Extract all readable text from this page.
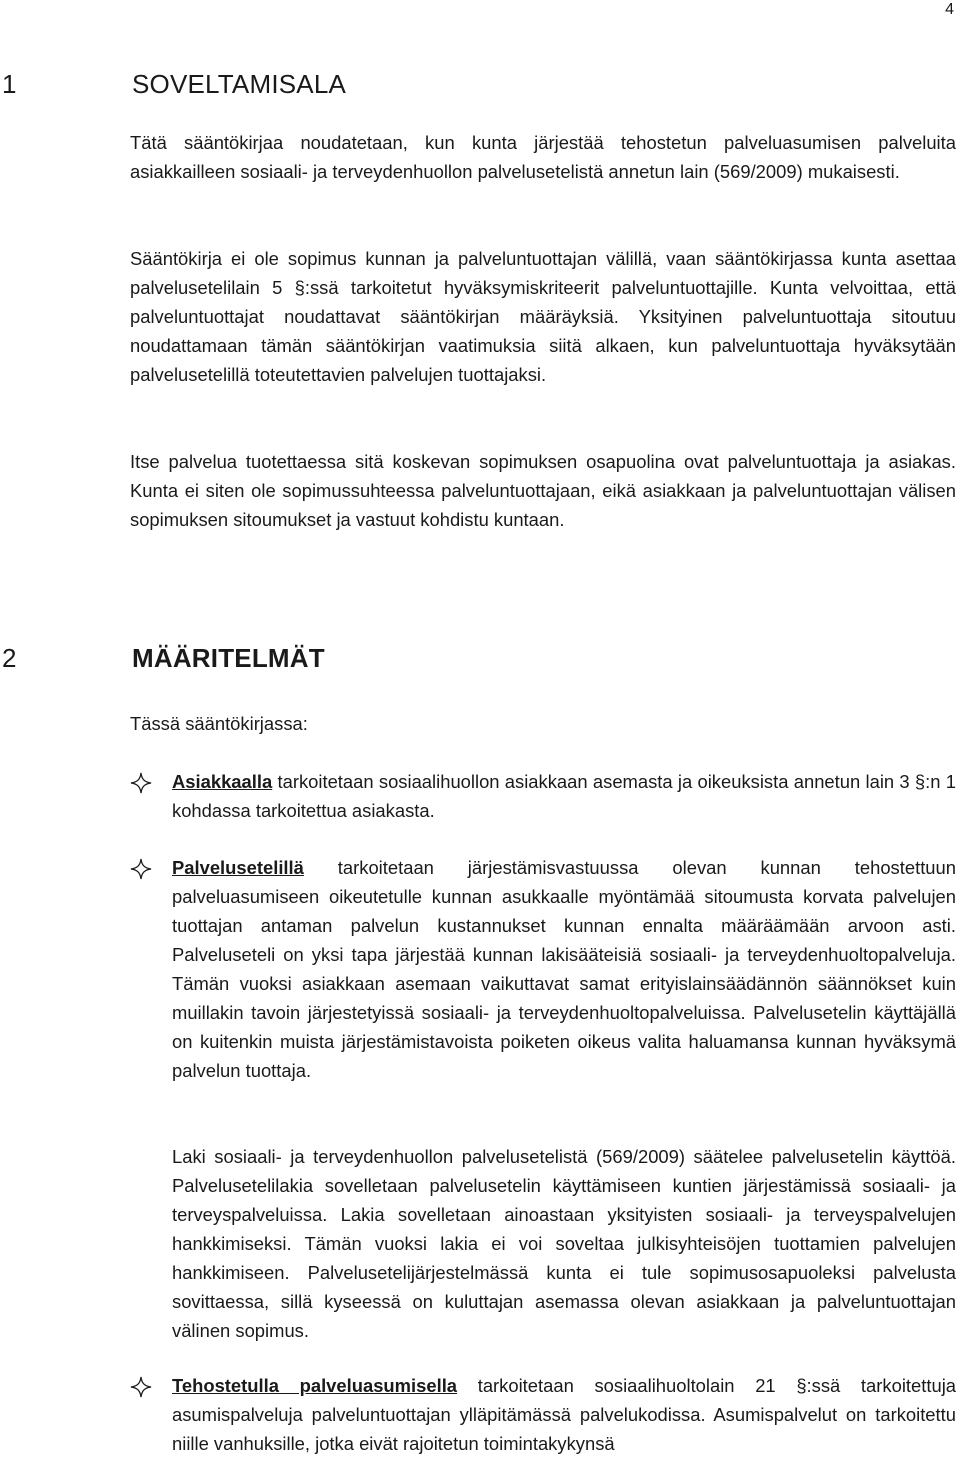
4
1	SOVELTAMISALA
Tätä sääntökirjaa noudatetaan, kun kunta järjestää tehostetun palveluasumisen palveluita asiakkailleen sosiaali- ja terveydenhuollon palvelusetelistä annetun lain (569/2009) mukaisesti.
Sääntökirja ei ole sopimus kunnan ja palveluntuottajan välillä, vaan sääntökirjassa kunta asettaa palvelusetelilain 5 §:ssä tarkoitetut hyväksymiskriteerit palveluntuottajille. Kunta velvoittaa, että palveluntuottajat noudattavat sääntökirjan määräyksiä. Yksityinen palveluntuottaja sitoutuu noudattamaan tämän sääntökirjan vaatimuksia siitä alkaen, kun palveluntuottaja hyväksytään palvelusetelillä toteutettavien palvelujen tuottajaksi.
Itse palvelua tuotettaessa sitä koskevan sopimuksen osapuolina ovat palveluntuottaja ja asiakas. Kunta ei siten ole sopimussuhteessa palveluntuottajaan, eikä asiakkaan ja palveluntuottajan välisen sopimuksen sitoumukset ja vastuut kohdistu kuntaan.
2	MÄÄRITELMÄT
Tässä sääntökirjassa:
Asiakkaalla tarkoitetaan sosiaalihuollon asiakkaan asemasta ja oikeuksista annetun lain 3 §:n 1 kohdassa tarkoitettua asiakasta.
Palvelusetelillä tarkoitetaan järjestämisvastuussa olevan kunnan tehostettuun palveluasumiseen oikeutetulle kunnan asukkaalle myöntämää sitoumusta korvata palvelujen tuottajan antaman palvelun kustannukset kunnan ennalta määräämään arvoon asti. Palveluseteli on yksi tapa järjestää kunnan lakisääteisiä sosiaali- ja terveydenhuoltopalveluja. Tämän vuoksi asiakkaan asemaan vaikuttavat samat erityislainsäädännön säännökset kuin muillakin tavoin järjestetyissä sosiaali- ja terveydenhuoltopalveluissa. Palvelusetelin käyttäjällä on kuitenkin muista järjestämistavoista poiketen oikeus valita haluamansa kunnan hyväksymä palvelun tuottaja.
Laki sosiaali- ja terveydenhuollon palvelusetelistä (569/2009) säätelee palvelusetelin käyttöä. Palvelusetelilakia sovelletaan palvelusetelin käyttämiseen kuntien järjestämissä sosiaali- ja terveyspalveluissa. Lakia sovelletaan ainoastaan yksityisten sosiaali- ja terveyspalvelujen hankkimiseksi. Tämän vuoksi lakia ei voi soveltaa julkisyhteisöjen tuottamien palvelujen hankkimiseen. Palvelusetelijärjestelmässä kunta ei tule sopimusosapuoleksi palvelusta sovittaessa, sillä kyseessä on kuluttajan asemassa olevan asiakkaan ja palveluntuottajan välinen sopimus.
Tehostetulla palveluasumisella tarkoitetaan sosiaalihuoltolain 21 §:ssä tarkoitettuja asumispalveluja palveluntuottajan ylläpitämässä palvelukodissa. Asumispalvelut on tarkoitettu niille vanhuksille, jotka eivät rajoitetun toimintakykynsä
